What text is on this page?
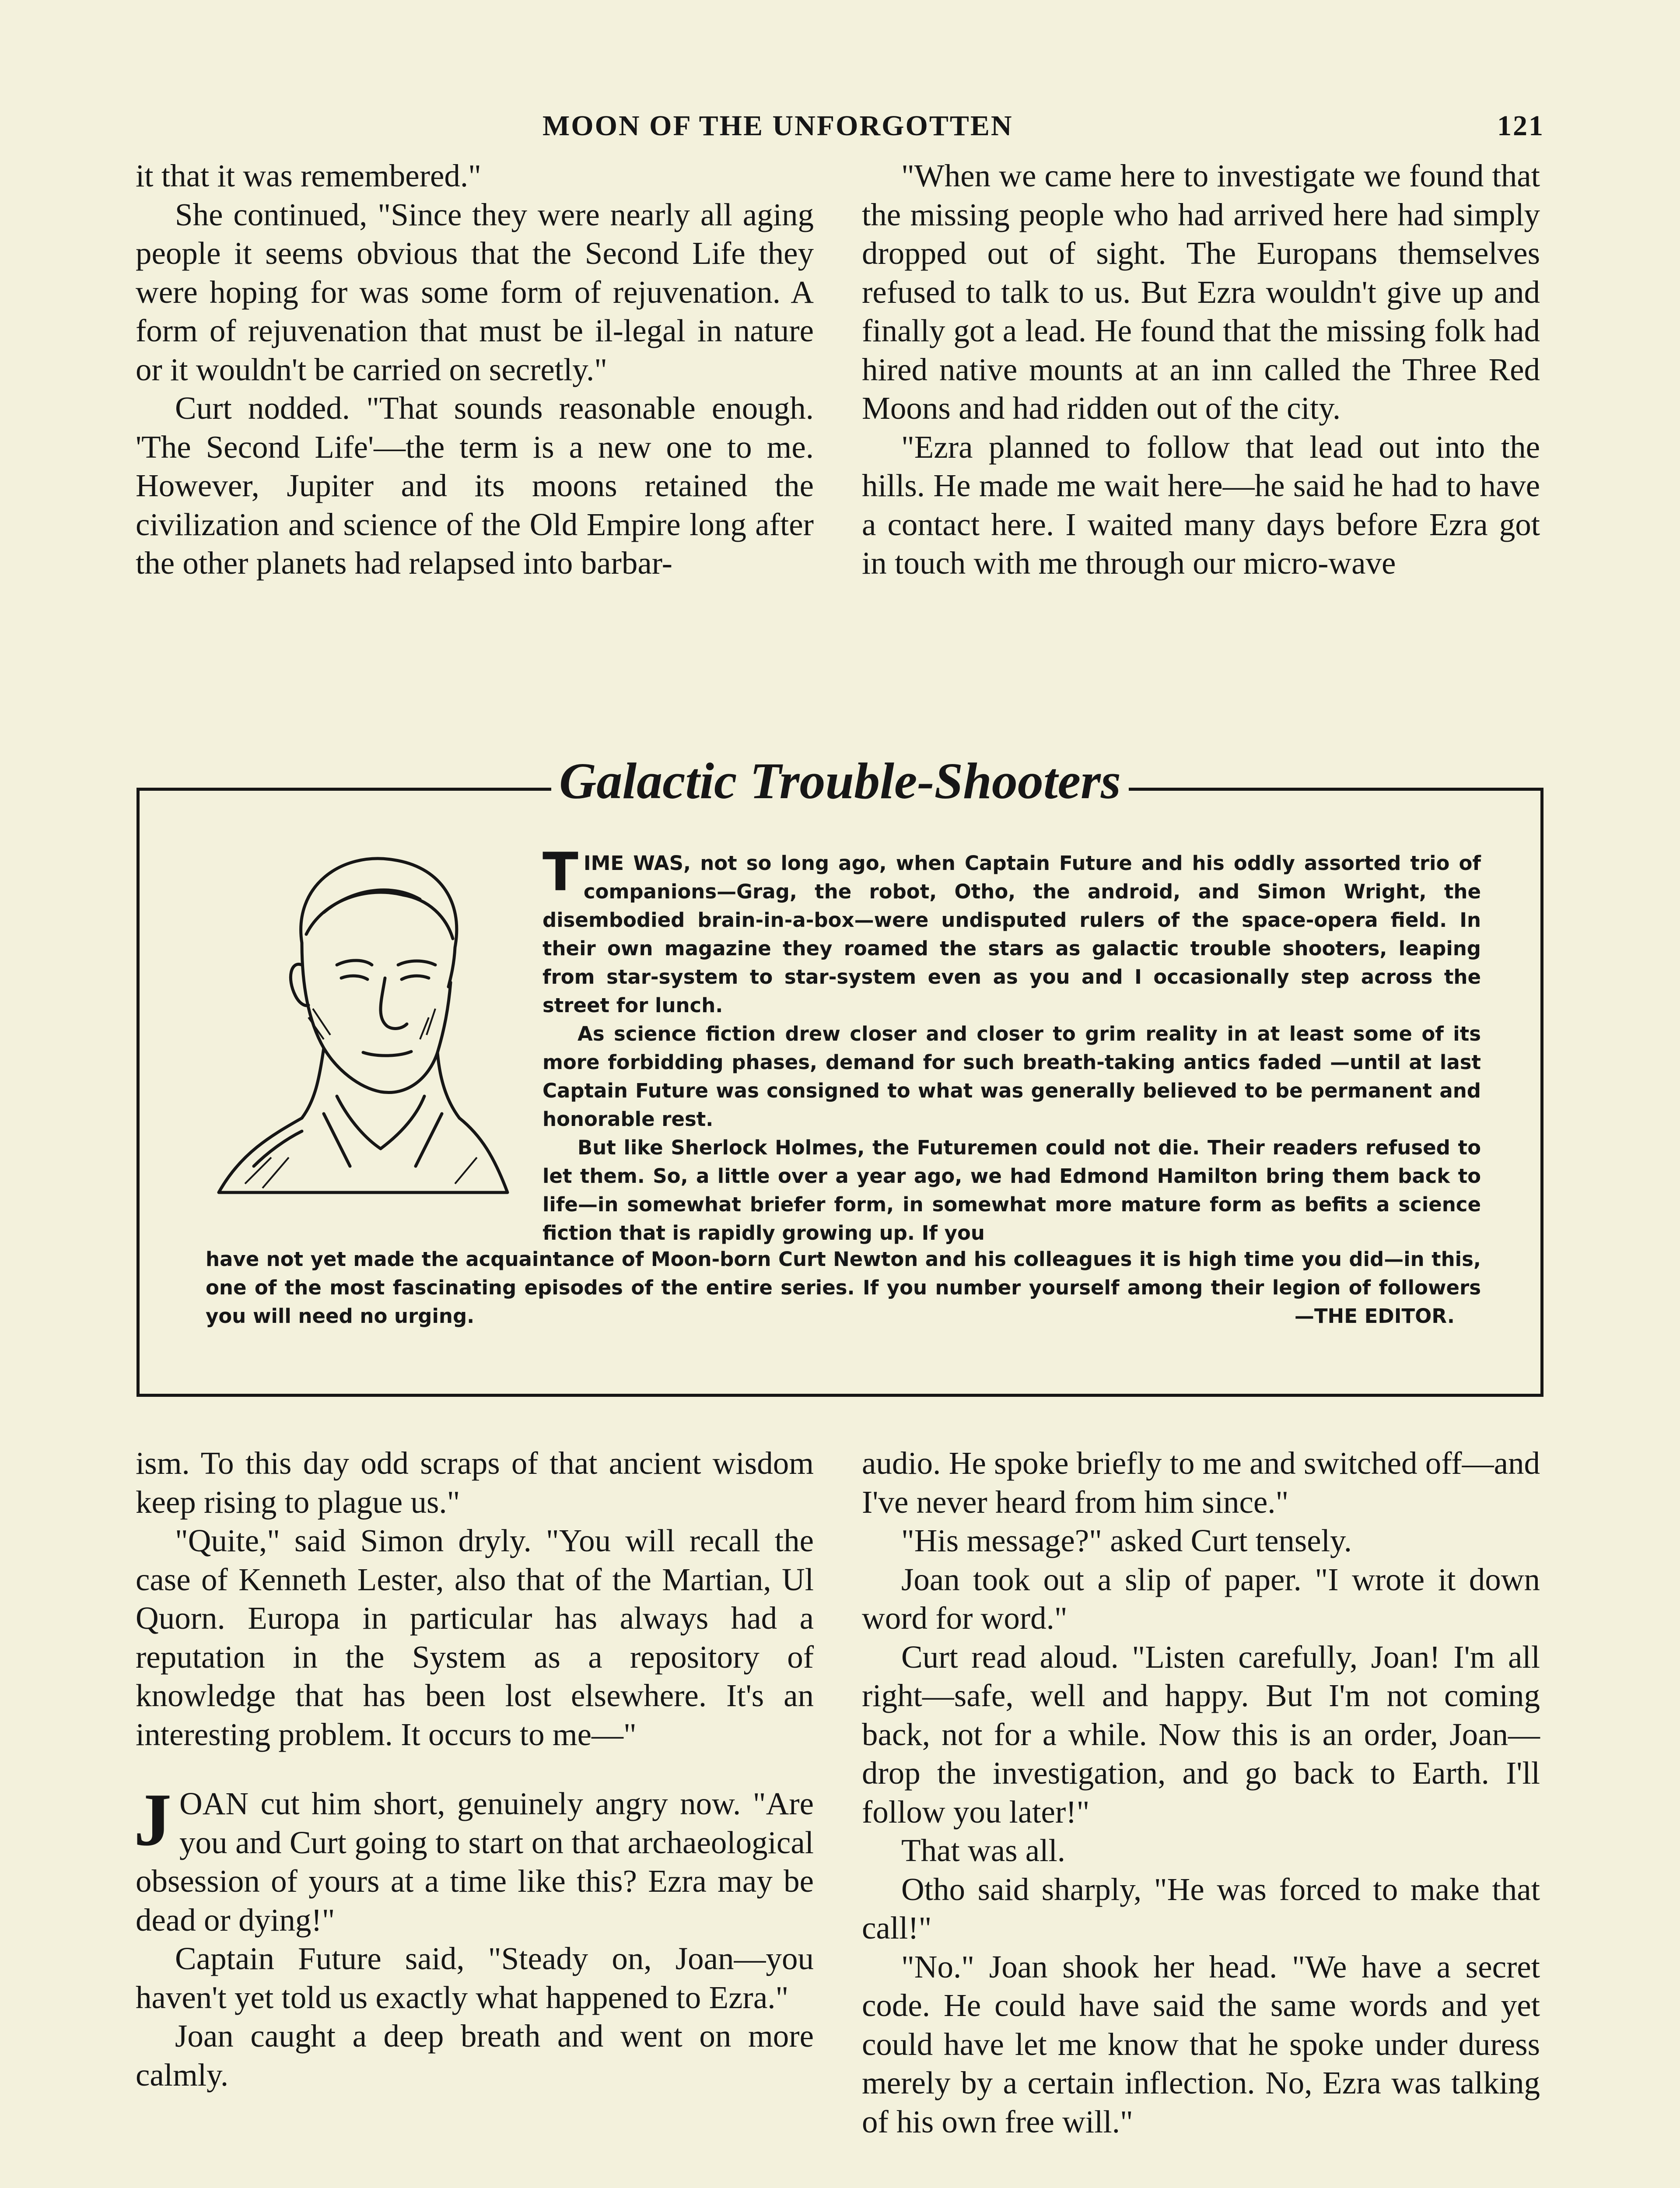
MOON OF THE UNFORGOTTEN	121

it that it was remembered."

She continued, "Since they were nearly all aging people it seems obvious that the Second Life they were hoping for was some form of rejuvenation. A form of rejuvenation that must be il-legal in nature or it wouldn't be carried on secretly."

Curt nodded. "That sounds reasonable enough. 'The Second Life'—the term is a new one to me. However, Jupiter and its moons retained the civilization and science of the Old Empire long after the other planets had relapsed into barbar-

"When we came here to investigate we found that the missing people who had arrived here had simply dropped out of sight. The Europans themselves refused to talk to us. But Ezra wouldn't give up and finally got a lead. He found that the missing folk had hired native mounts at an inn called the Three Red Moons and had ridden out of the city.

"Ezra planned to follow that lead out into the hills. He made me wait here—he said he had to have a contact here. I waited many days before Ezra got in touch with me through our micro-wave

Galactic Trouble-Shooters

TIME WAS, not so long ago, when Captain Future and his oddly assorted trio of companions—Grag, the robot, Otho, the android, and Simon Wright, the disembodied brain-in-a-box—were undisputed rulers of the space-opera field. In their own magazine they roamed the stars as galactic trouble shooters, leaping from star-system to star-system even as you and I occasionally step across the street for lunch.

As science fiction drew closer and closer to grim reality in at least some of its more forbidding phases, demand for such breath-taking antics faded —until at last Captain Future was consigned to what was generally believed to be permanent and honorable rest.

But like Sherlock Holmes, the Futuremen could not die. Their readers refused to let them. So, a little over a year ago, we had Edmond Hamilton bring them back to life—in somewhat briefer form, in somewhat more mature form as befits a science fiction that is rapidly growing up. If you

have not yet made the acquaintance of Moon-born Curt Newton and his colleagues it is high time you did—in this, one of the most fascinating episodes of the entire series. If you number yourself among their legion of followers you will need no urging.	—THE EDITOR.

ism. To this day odd scraps of that ancient wisdom keep rising to plague us."

"Quite," said Simon dryly. "You will recall the case of Kenneth Lester, also that of the Martian, Ul Quorn. Europa in particular has always had a reputation in the System as a repository of knowledge that has been lost elsewhere. It's an interesting problem. It occurs to me—"

JOAN cut him short, genuinely angry now. "Are you and Curt going to start on that archaeological obsession of yours at a time like this? Ezra may be dead or dying!"

Captain Future said, "Steady on, Joan—you haven't yet told us exactly what happened to Ezra."

Joan caught a deep breath and went on more calmly.

audio. He spoke briefly to me and switched off—and I've never heard from him since."

"His message?" asked Curt tensely.

Joan took out a slip of paper. "I wrote it down word for word."

Curt read aloud. "Listen carefully, Joan! I'm all right—safe, well and happy. But I'm not coming back, not for a while. Now this is an order, Joan—drop the investigation, and go back to Earth. I'll follow you later!"

That was all.

Otho said sharply, "He was forced to make that call!"

"No." Joan shook her head. "We have a secret code. He could have said the same words and yet could have let me know that he spoke under duress merely by a certain inflection. No, Ezra was talking of his own free will."
